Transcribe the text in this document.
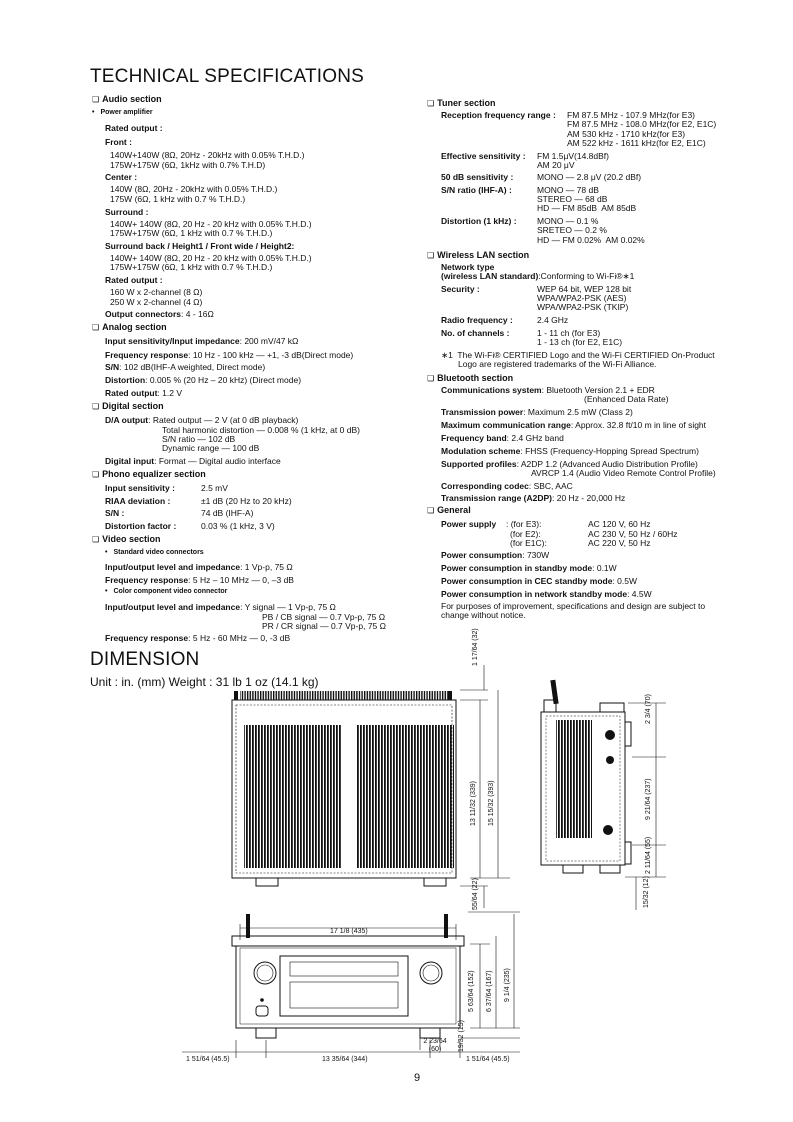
TECHNICAL SPECIFICATIONS
❏ Audio section
• Power amplifier
Rated output :
Front :
140W+140W (8Ω, 20Hz - 20kHz with 0.05% T.H.D.)
175W+175W (6Ω, 1kHz with 0.7% T.H.D)
Center :
140W (8Ω, 20Hz - 20kHz with 0.05% T.H.D.)
175W (6Ω, 1 kHz with 0.7 % T.H.D.)
Surround :
140W+ 140W (8Ω, 20 Hz - 20 kHz with 0.05% T.H.D.)
175W+175W (6Ω, 1 kHz with 0.7 % T.H.D.)
Surround back / Height1 / Front wide / Height2:
140W+ 140W (8Ω, 20 Hz - 20 kHz with 0.05% T.H.D.)
175W+175W (6Ω, 1 kHz with 0.7 % T.H.D.)
Rated output :
160 W x 2-channel (8 Ω)
250 W x 2-channel (4 Ω)
Output connectors: 4 - 16Ω
❏ Analog section
Input sensitivity/Input impedance: 200 mV/47 kΩ
Frequency response: 10 Hz - 100 kHz — +1, -3 dB(Direct mode)
S/N: 102 dB(IHF-A weighted, Direct mode)
Distortion: 0.005 % (20 Hz – 20 kHz) (Direct mode)
Rated output: 1.2 V
❏ Digital section
D/A output: Rated output — 2 V (at 0 dB playback)
Total harmonic distortion — 0.008 % (1 kHz, at 0 dB)
S/N ratio — 102 dB
Dynamic range — 100 dB
Digital input: Format — Digital audio interface
❏ Phono equalizer section
Input sensitivity :	2.5 mV
RIAA deviation :	±1 dB (20 Hz to 20 kHz)
S/N :	74 dB (IHF-A)
Distortion factor :	0.03 % (1 kHz, 3 V)
❏ Video section
• Standard video connectors
Input/output level and impedance: 1 Vp-p, 75 Ω
Frequency response: 5 Hz – 10 MHz — 0, –3 dB
• Color component video connector
Input/output level and impedance: Y signal — 1 Vp-p, 75 Ω
PB / CB signal — 0.7 Vp-p, 75 Ω
PR / CR signal — 0.7 Vp-p, 75 Ω
Frequency response: 5 Hz - 60 MHz — 0, -3 dB
❏ Tuner section
Reception frequency range : FM 87.5 MHz - 107.9 MHz(for E3)
FM 87.5 MHz - 108.0 MHz(for E2, E1C)
AM 530 kHz - 1710 kHz(for E3)
AM 522 kHz - 1611 kHz(for E2, E1C)
Effective sensitivity : FM 1.5μV(14.8dBf)
AM 20 μV
50 dB sensitivity :	MONO — 2.8 μV (20.2 dBf)
S/N ratio (IHF-A) :	MONO — 78 dB
STEREO — 68 dB
HD — FM 85dB  AM 85dB
Distortion (1 kHz) : MONO — 0.1 %
SRETEO — 0.2 %
HD — FM 0.02%  AM 0.02%
❏ Wireless LAN section
Network type
(wireless LAN standard):Conforming to Wi-Fi®∗1
Security :	WEP 64 bit, WEP 128 bit
WPA/WPA2-PSK (AES)
WPA/WPA2-PSK (TKIP)
Radio frequency :	2.4 GHz
No. of channels :	1 - 11 ch (for E3)
1 - 13 ch (for E2, E1C)
∗1  The Wi-Fi® CERTIFIED Logo and the Wi-Fi CERTIFIED On-Product
Logo are registered trademarks of the Wi-Fi Alliance.
❏ Bluetooth section
Communications system: Bluetooth Version 2.1 + EDR
(Enhanced Data Rate)
Transmission power: Maximum 2.5 mW (Class 2)
Maximum communication range: Approx. 32.8 ft/10 m in line of sight
Frequency band: 2.4 GHz band
Modulation scheme: FHSS (Frequency-Hopping Spread Spectrum)
Supported profiles: A2DP 1.2 (Advanced Audio Distribution Profile)
AVRCP 1.4 (Audio Video Remote Control Profile)
Corresponding codec: SBC, AAC
Transmission range (A2DP): 20 Hz - 20,000 Hz
❏ General
Power supply : (for E3):	AC 120 V, 60 Hz
(for E2):	AC 230 V, 50 Hz / 60Hz
(for E1C):	AC 220 V, 50 Hz
Power consumption: 730W
Power consumption in standby mode: 0.1W
Power consumption in CEC standby mode: 0.5W
Power consumption in network standby mode: 4.5W
For purposes of improvement, specifications and design are subject to
change without notice.
DIMENSION
Unit : in. (mm) Weight : 31 lb 1 oz (14.1 kg)
1 17/64 (32)
13 11/32 (339) 15 15/32 (393)
55/64 (22)
2 3/4 (70)
9 21/64 (237)
2 11/64 (55)
15/32 (12)
17 1/8 (435)
5 63/64 (152) 6 37/64 (167) 9 1/4 (235)
19/32 (15)
2 23/64 (60)
1 51/64 (45.5)	13 35/64 (344)	1 51/64 (45.5)
9
